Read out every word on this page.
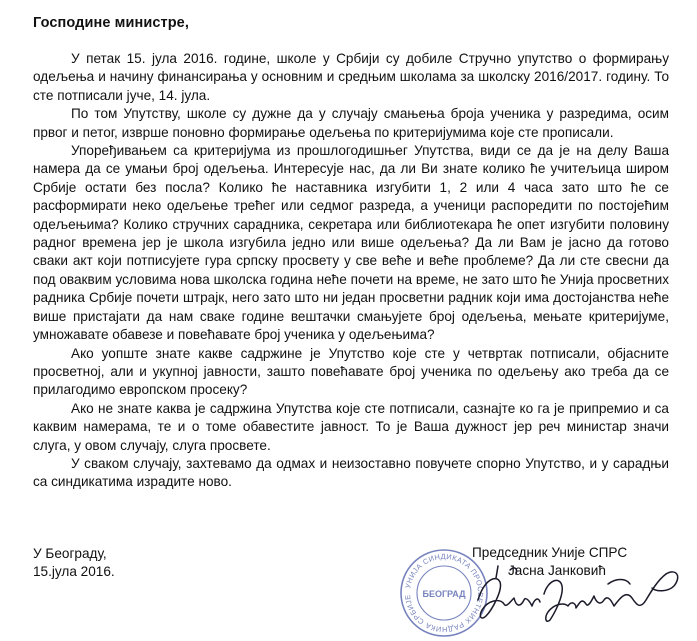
Господине министре,

У петак 15. јула 2016. године, школе у Србији су добиле Стручно упутство о формирању одељења и начину финансирања у основним и средњим школама за школску 2016/2017. годину. То сте потписали јуче, 14. јула.

По том Упутству, школе су дужне да у случају смањења броја ученика у разредима, осим првог и петог, изврше поновно формирање одељења по критеријумима које сте прописали.

Упоређивањем са критеријума из прошлогодишњег Упутства, види се да је на делу Ваша намера да се умањи број одељења. Интересује нас, да ли Ви знате колико ће учитељица широм Србије остати без посла? Колико ће наставника изгубити 1, 2 или 4 часа зато што ће се расформирати неко одељење трећег или седмог разреда, а ученици распоредити по постојећим одељењима? Колико стручних сарадника, секретара или библиотекара ће опет изгубити половину радног времена јер је школа изгубила једно или више одељења? Да ли Вам је јасно да готово сваки акт који потписујете гура српску просвету у све веће и веће проблеме? Да ли сте свесни да под оваквим условима нова школска година неће почети на време, не зато што ће Унија просветних радника Србије почети штрајк, него зато што ни један просветни радник који има достојанства неће више пристајати да нам сваке године вештачки смањујете број одељења, мењате критеријуме, умножавате обавезе и повећавате број ученика у одељењима?

Ако уопште знате какве садржине је Упутство које сте у четвртак потписали, објасните просветној, али и укупној јавности, зашто повећавате број ученика по одељењу ако треба да се прилагодимо европском просеку?

Ако не знате каква је садржина Упутства које сте потписали, сазнајте ко га је припремио и са каквим намерама, те и о томе обавестите јавност. То је Ваша дужност јер реч министар значи слуга, у овом случају, слуга просвете.

У сваком случају, захтевамо да одмах и неизоставно повучете спорно Упутство, и у сарадњи са синдикатима израдите ново.

У Београду,
15.јула 2016.
УНИЈА СИНДИКАТА ПРОСВЕТНИХ РАДНИКА СРБИЈЕ	БЕОГРАД
Председник Уније СПРС
Јасна Јанковић
